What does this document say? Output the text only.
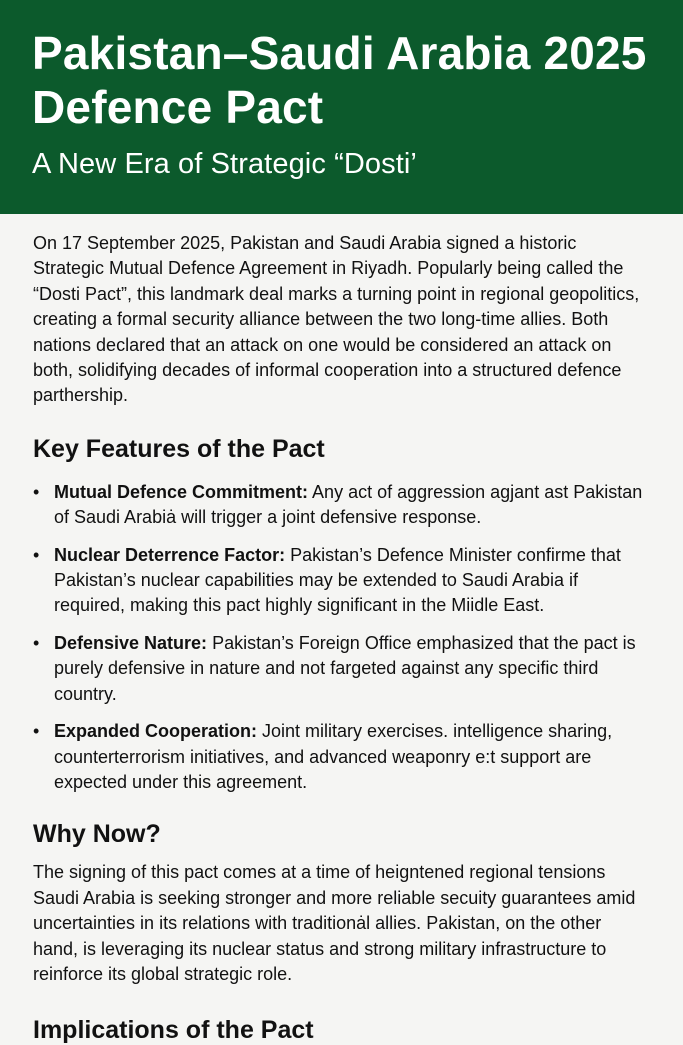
Pakistan–Saudi Arabia 2025 Defence Pact
A New Era of Strategic “Dosti’

On 17 September 2025, Pakistan and Saudi Arabia signed a historic Strategic Mutual Defence Agreement in Riyadh. Popularly being called the “Dosti Pact”, this landmark deal marks a turning point in regional geopolitics, creating a formal security alliance between the two long-time allies. Both nations declared that an attack on one would be considered an attack on both, solidifying decades of informal cooperation into a structured defence parthership.

Key Features of the Pact
• Mutual Defence Commitment: Any act of aggression agjant ast Pakistan of Saudi Arabiȧ will trigger a joint defensive response.
• Nuclear Deterrence Factor: Pakistan’s Defence Minister confirme that Pakistan’s nuclear capabilities may be extended to Saudi Arabia if required, making this pact highly significant in the Miidle East.
• Defensive Nature: Pakistan’s Foreign Office emphasized that the pact is purely defensive in nature and not fargeted against any specific third country.
• Expanded Cooperation: Joint military exercises. intelligence sharing, counterterrorism initiatives, and advanced weaponry e:t support are expected under this agreement.
Why Now?

The signing of this pact comes at a time of heigntened regional tensions Saudi Arabia is seeking stronger and more reliable secuity guarantees amid uncertainties in its relations with traditionȧl allies. Pakistan, on the other hand, is leveraging its nuclear status and strong military infrastructure to reinforce its global strategic role.

Implications of the Pact
